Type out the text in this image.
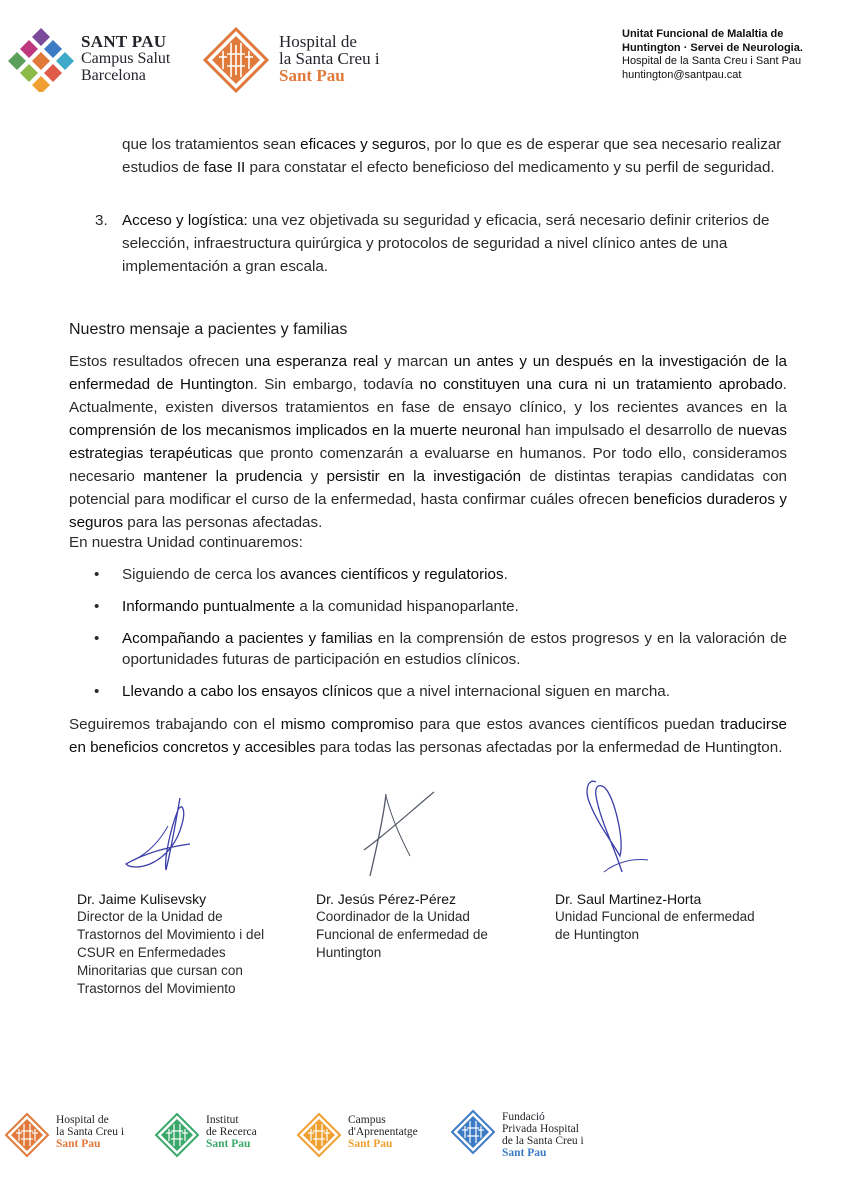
SANT PAU
Campus Salut
Barcelona
Hospital de
la Santa Creu i
Sant Pau
Unitat Funcional de Malaltia de
Huntington · Servei de Neurologia.
Hospital de la Santa Creu i Sant Pau
huntington@santpau.cat
que los tratamientos sean eficaces y seguros, por lo que es de esperar que sea necesario realizar estudios de fase II para constatar el efecto beneficioso del medicamento y su perfil de seguridad.
3. Acceso y logística: una vez objetivada su seguridad y eficacia, será necesario definir criterios de selección, infraestructura quirúrgica y protocolos de seguridad a nivel clínico antes de una implementación a gran escala.
Nuestro mensaje a pacientes y familias
Estos resultados ofrecen una esperanza real y marcan un antes y un después en la investigación de la enfermedad de Huntington. Sin embargo, todavía no constituyen una cura ni un tratamiento aprobado. Actualmente, existen diversos tratamientos en fase de ensayo clínico, y los recientes avances en la comprensión de los mecanismos implicados en la muerte neuronal han impulsado el desarrollo de nuevas estrategias terapéuticas que pronto comenzarán a evaluarse en humanos. Por todo ello, consideramos necesario mantener la prudencia y persistir en la investigación de distintas terapias candidatas con potencial para modificar el curso de la enfermedad, hasta confirmar cuáles ofrecen beneficios duraderos y seguros para las personas afectadas.
En nuestra Unidad continuaremos:
• Siguiendo de cerca los avances científicos y regulatorios.
• Informando puntualmente a la comunidad hispanoparlante.
• Acompañando a pacientes y familias en la comprensión de estos progresos y en la valoración de oportunidades futuras de participación en estudios clínicos.
• Llevando a cabo los ensayos clínicos que a nivel internacional siguen en marcha.
Seguiremos trabajando con el mismo compromiso para que estos avances científicos puedan traducirse en beneficios concretos y accesibles para todas las personas afectadas por la enfermedad de Huntington.
Dr. Jaime Kulisevsky
Director de la Unidad de
Trastornos del Movimiento i del
CSUR en Enfermedades
Minoritarias que cursan con
Trastornos del Movimiento
Dr. Jesús Pérez-Pérez
Coordinador de la Unidad
Funcional de enfermedad de
Huntington
Dr. Saul Martinez-Horta
Unidad Funcional de enfermedad
de Huntington
Hospital de
la Santa Creu i
Sant Pau
Institut
de Recerca
Sant Pau
Campus
d'Aprenentatge
Sant Pau
Fundació
Privada Hospital
de la Santa Creu i
Sant Pau
